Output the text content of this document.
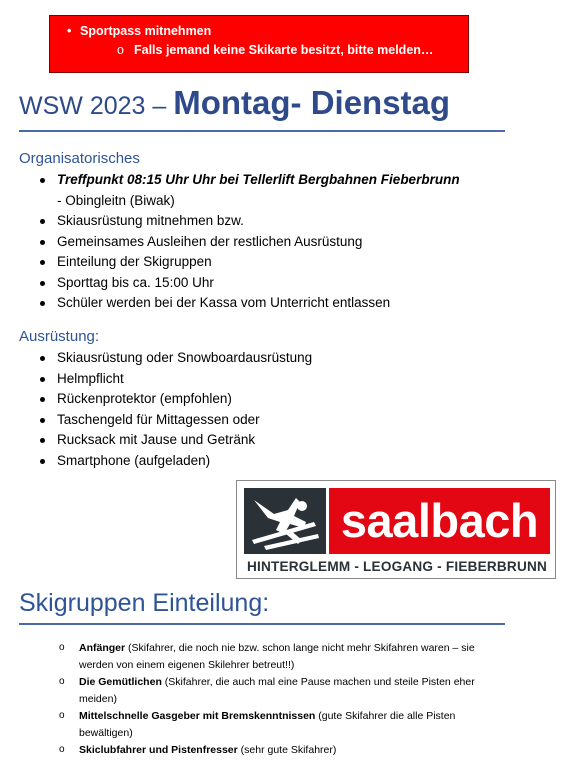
• Sportpass mitnehmen
o Falls jemand keine Skikarte besitzt, bitte melden…
WSW 2023 – Montag- Dienstag
Organisatorisches
Treffpunkt 08:15 Uhr Uhr bei Tellerlift Bergbahnen Fieberbrunn - Obingleitn (Biwak)
Skiausrüstung mitnehmen bzw.
Gemeinsames Ausleihen der restlichen Ausrüstung
Einteilung der Skigruppen
Sporttag bis ca. 15:00 Uhr
Schüler werden bei der Kassa vom Unterricht entlassen
Ausrüstung:
Skiausrüstung oder Snowboardausrüstung
Helmpflicht
Rückenprotektor (empfohlen)
Taschengeld für Mittagessen oder
Rucksack mit Jause und Getränk
Smartphone (aufgeladen)
saalbach
HINTERGLEMM - LEOGANG - FIEBERBRUNN
Skigruppen Einteilung:
o Anfänger (Skifahrer, die noch nie bzw. schon lange nicht mehr Skifahren waren – sie werden von einem eigenen Skilehrer betreut!!)
o Die Gemütlichen (Skifahrer, die auch mal eine Pause machen und steile Pisten eher meiden)
o Mittelschnelle Gasgeber mit Bremskenntnissen (gute Skifahrer die alle Pisten bewältigen)
o Skiclubfahrer und Pistenfresser (sehr gute Skifahrer)
